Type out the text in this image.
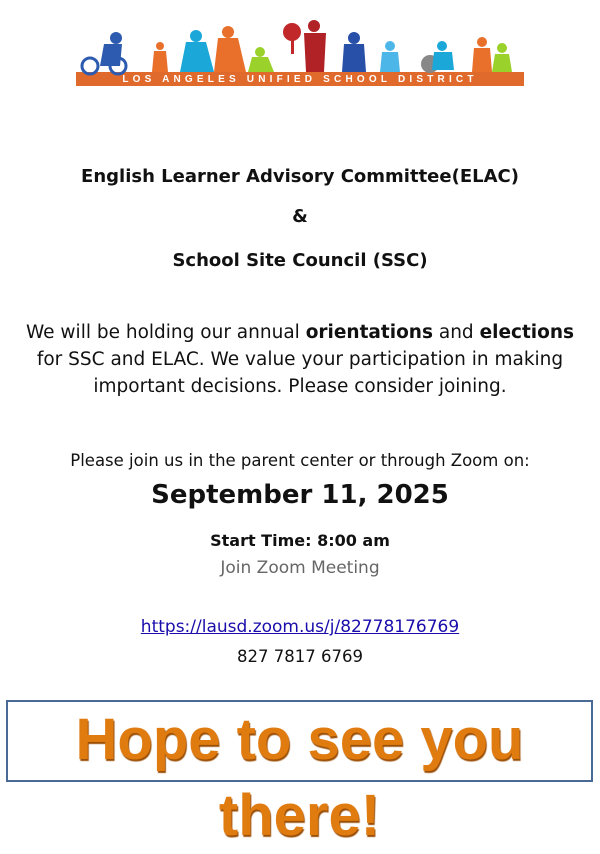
LOS ANGELES UNIFIED SCHOOL DISTRICT
English Learner Advisory Committee(ELAC)
&
School Site Council (SSC)
We will be holding our annual orientations and elections
for SSC and ELAC. We value your participation in making
important decisions. Please consider joining.
Please join us in the parent center or through Zoom on:
September 11, 2025
Start Time: 8:00 am
Join Zoom Meeting
https://lausd.zoom.us/j/82778176769
827 7817 6769
Hope to see you there!
